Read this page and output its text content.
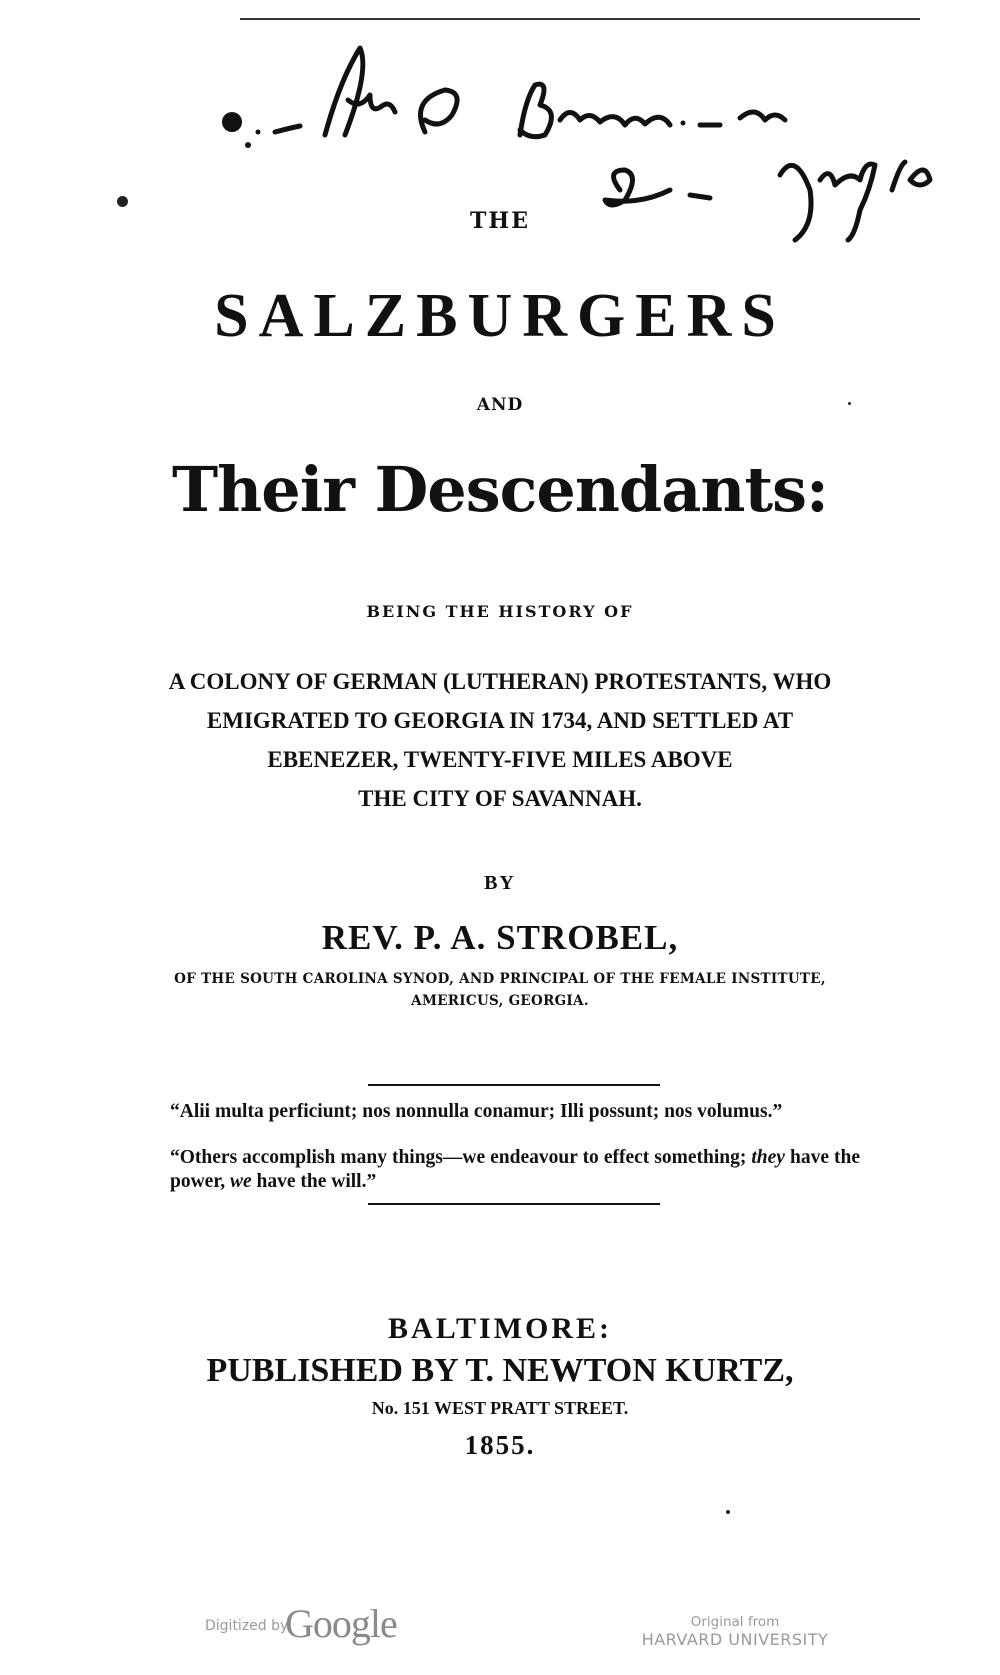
THE
SALZBURGERS
AND
Their Descendants:
BEING THE HISTORY OF
A COLONY OF GERMAN (LUTHERAN) PROTESTANTS, WHO
EMIGRATED TO GEORGIA IN 1734, AND SETTLED AT
EBENEZER, TWENTY-FIVE MILES ABOVE
THE CITY OF SAVANNAH.
BY
REV. P. A. STROBEL,
OF THE SOUTH CAROLINA SYNOD, AND PRINCIPAL OF THE FEMALE INSTITUTE,
AMERICUS, GEORGIA.
“Alii multa perficiunt; nos nonnulla conamur; Illi possunt; nos volumus.”
“Others accomplish many things—we endeavour to effect something; they have the power, we have the will.”
BALTIMORE:
PUBLISHED BY T. NEWTON KURTZ,
No. 151 WEST PRATT STREET.
1855.
Digitized by
Google	Original from
HARVARD UNIVERSITY
